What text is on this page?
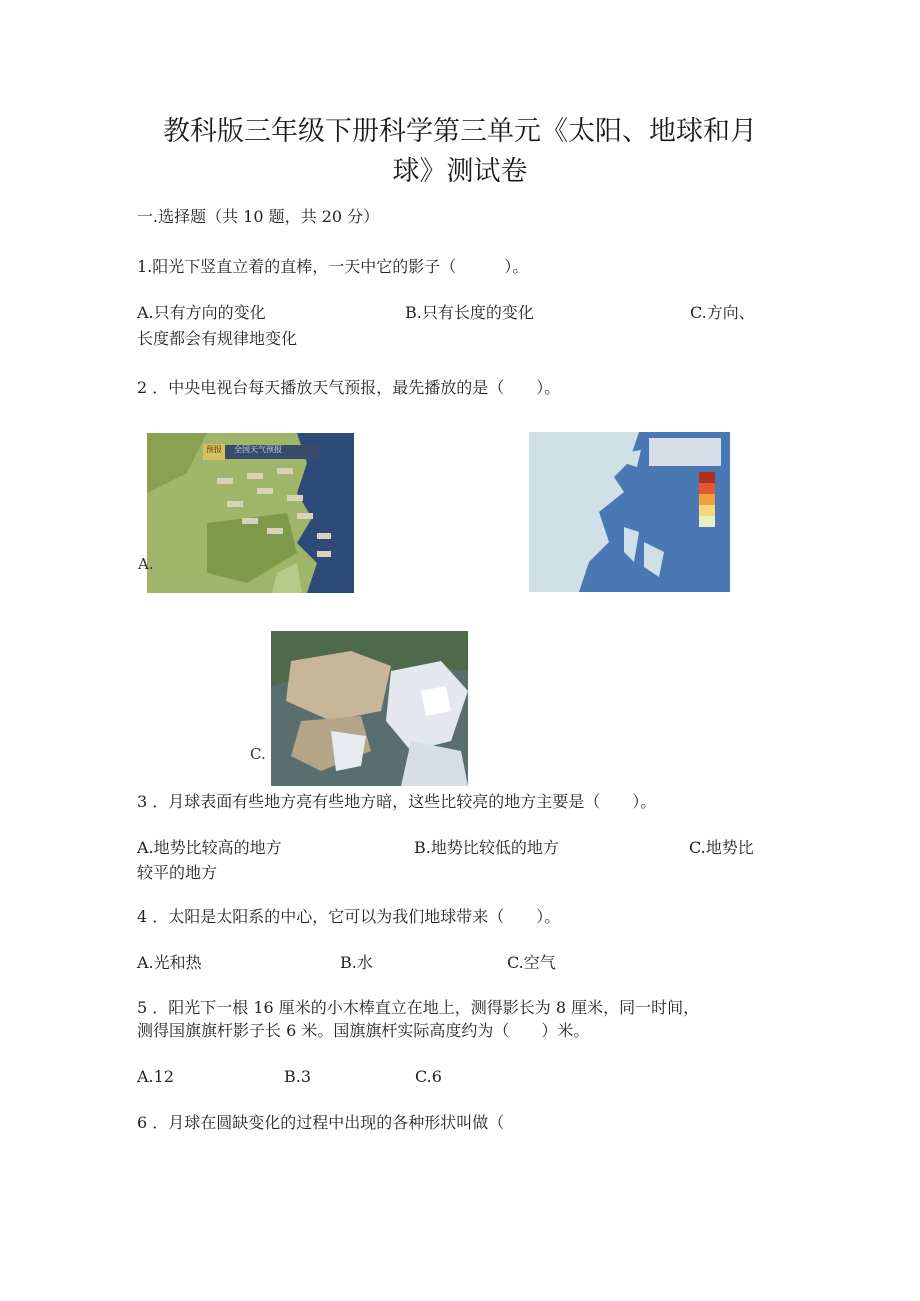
教科版三年级下册科学第三单元《太阳、地球和月
球》测试卷
一.选择题（共 10 题，共 20 分）
1.阳光下竖直立着的直棒，一天中它的影子（　　　）。
A.只有方向的变化	B.只有长度的变化	C.方向、
长度都会有规律地变化
2 ．中央电视台每天播放天气预报，最先播放的是（　　）。
全国天气预报
预报
A.
C.
3 ．月球表面有些地方亮有些地方暗，这些比较亮的地方主要是（　　）。
A.地势比较高的地方	B.地势比较低的地方	C.地势比
较平的地方
4 ．太阳是太阳系的中心，它可以为我们地球带来（　　）。
A.光和热	B.水	C.空气
5 ．阳光下一根 16 厘米的小木棒直立在地上，测得影长为 8 厘米，同一时间，
测得国旗旗杆影子长 6 米。国旗旗杆实际高度约为（　　）米。
A.12	B.3	C.6
6 ．月球在圆缺变化的过程中出现的各种形状叫做（
